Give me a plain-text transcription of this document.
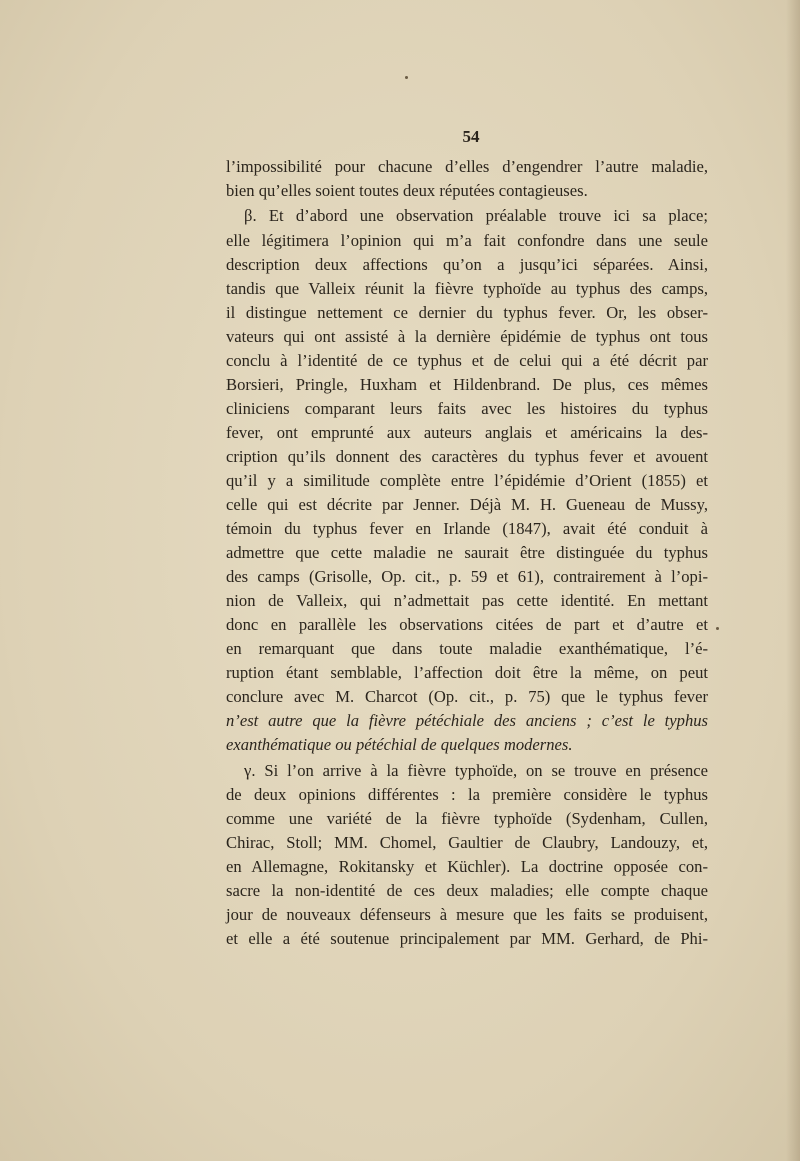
54

l’impossibilité pour chacune d’elles d’engendrer l’autre maladie,
bien qu’elles soient toutes deux réputées contagieuses.
β. Et d’abord une observation préalable trouve ici sa place;
elle légitimera l’opinion qui m’a fait confondre dans une seule
description deux affections qu’on a jusqu’ici séparées. Ainsi,
tandis que Valleix réunit la fièvre typhoïde au typhus des camps,
il distingue nettement ce dernier du typhus fever. Or, les obser-
vateurs qui ont assisté à la dernière épidémie de typhus ont tous
conclu à l’identité de ce typhus et de celui qui a été décrit par
Borsieri, Pringle, Huxham et Hildenbrand. De plus, ces mêmes
cliniciens comparant leurs faits avec les histoires du typhus
fever, ont emprunté aux auteurs anglais et américains la des-
cription qu’ils donnent des caractères du typhus fever et avouent
qu’il y a similitude complète entre l’épidémie d’Orient (1855) et
celle qui est décrite par Jenner. Déjà M. H. Gueneau de Mussy,
témoin du typhus fever en Irlande (1847), avait été conduit à
admettre que cette maladie ne saurait être distinguée du typhus
des camps (Grisolle, Op. cit., p. 59 et 61), contrairement à l’opi-
nion de Valleix, qui n’admettait pas cette identité. En mettant
donc en parallèle les observations citées de part et d’autre et
en remarquant que dans toute maladie exanthématique, l’é-
ruption étant semblable, l’affection doit être la même, on peut
conclure avec M. Charcot (Op. cit., p. 75) que le typhus fever
n’est autre que la fièvre pétéchiale des anciens ; c’est le typhus
exanthématique ou pétéchial de quelques modernes.
γ. Si l’on arrive à la fièvre typhoïde, on se trouve en présence
de deux opinions différentes : la première considère le typhus
comme une variété de la fièvre typhoïde (Sydenham, Cullen,
Chirac, Stoll; MM. Chomel, Gaultier de Claubry, Landouzy, et,
en Allemagne, Rokitansky et Küchler). La doctrine opposée con-
sacre la non-identité de ces deux maladies; elle compte chaque
jour de nouveaux défenseurs à mesure que les faits se produisent,
et elle a été soutenue principalement par MM. Gerhard, de Phi-
